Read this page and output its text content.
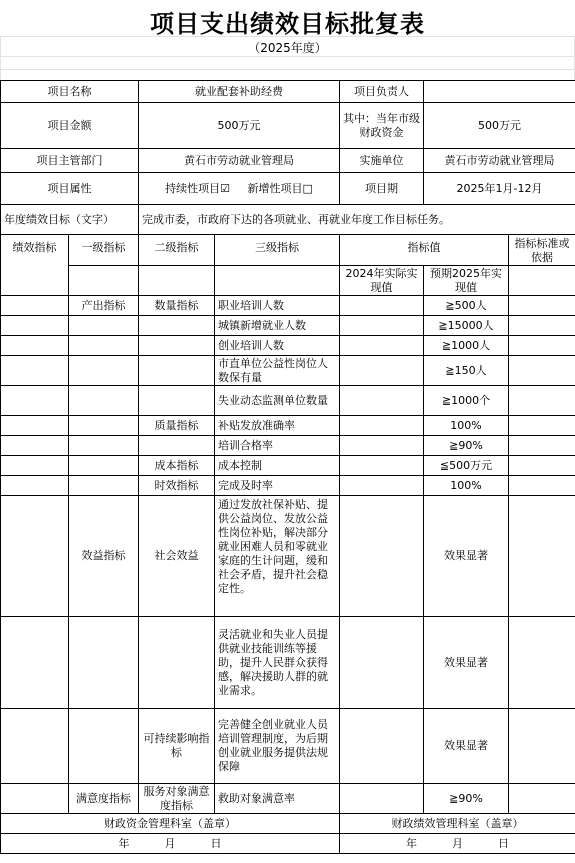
项目支出绩效目标批复表
（2025年度）
项目名称		就业配套补助经费		项目负责人		
项目金额		500万元		其中：当年市级财政资金	500万元	
项目主管部门		黄石市劳动就业管理局		实施单位	黄石市劳动就业管理局	
项目属性		持续性项目☑ 新增性项目□		项目期	2025年1月-12月	
年度绩效目标（文字）		完成市委，市政府下达的各项就业、再就业年度工作目标任务。				
绩效指标	一级指标	二级指标	三级指标	指标值		指标标准或依据
				2024年实际实现值	预期2025年实现值	
	产出指标	数量指标	职业培训人数		≧500人	
			城镇新增就业人数		≧15000人	
			创业培训人数		≧1000人	
			市直单位公益性岗位人数保有量		≧150人	
			失业动态监测单位数量		≧1000个	
		质量指标	补贴发放准确率		100%	
			培训合格率		≧90%	
		成本指标	成本控制		≦500万元	
		时效指标	完成及时率		100%	
	效益指标	社会效益	通过发放社保补贴、提供公益岗位、发放公益性岗位补贴，解决部分就业困难人员和零就业家庭的生计问题，缓和社会矛盾，提升社会稳定性。		效果显著	
			灵活就业和失业人员提供就业技能训练等援助，提升人民群众获得感，解决援助人群的就业需求。		效果显著	
		可持续影响指标	完善健全创业就业人员培训管理制度，为后期创业就业服务提供法规保障		效果显著	
	满意度指标	服务对象满意度指标	救助对象满意率		≧90%	
财政资金管理科室（盖章）				财政绩效管理科室（盖章）		
年 月 日				年 月 日		
